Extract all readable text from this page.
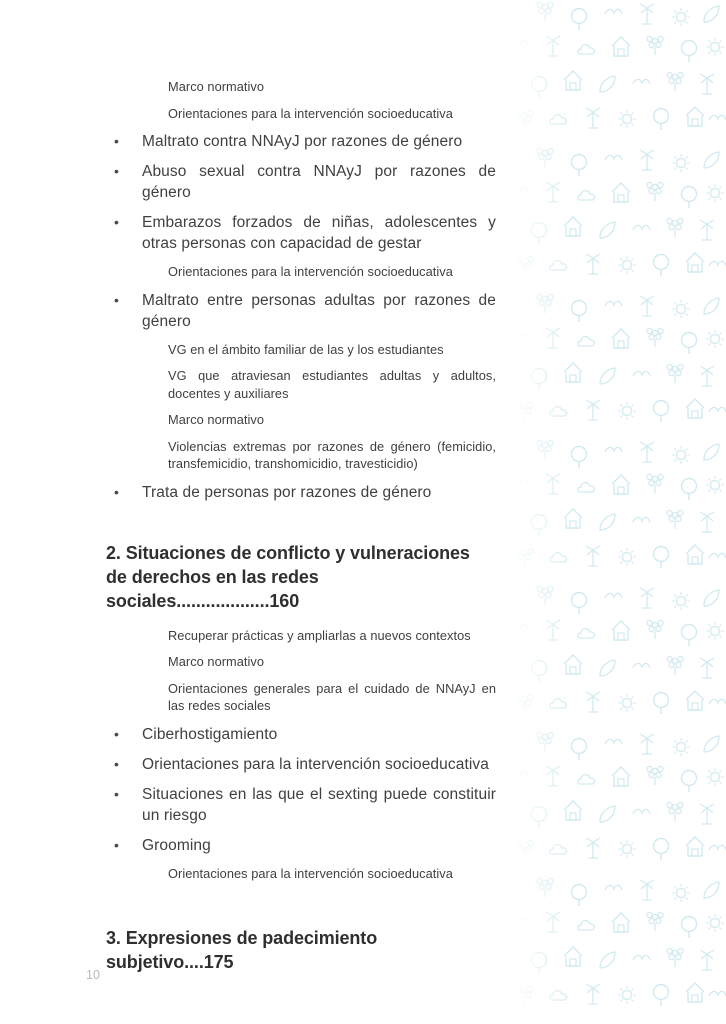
Marco normativo
Orientaciones para la intervención socioeducativa
•	Maltrato contra NNAyJ por razones de género
•	Abuso sexual contra NNAyJ por razones de género
•	Embarazos forzados de niñas, adolescentes y otras personas con capacidad de gestar
Orientaciones para la intervención socioeducativa
•	Maltrato entre personas adultas por razones de género
VG en el ámbito familiar de las y los estudiantes
VG que atraviesan estudiantes adultas y adultos, docentes y auxiliares
Marco normativo
Violencias extremas por razones de género (femicidio, transfemicidio, transhomicidio, travesticidio)
•	Trata de personas por razones de género
2. Situaciones de conflicto y vulneraciones de derechos en las redes sociales...................160
Recuperar prácticas y ampliarlas a nuevos contextos
Marco normativo
Orientaciones generales para el cuidado de NNAyJ en las redes sociales
•	Ciberhostigamiento
•	Orientaciones para la intervención socioeducativa
•	Situaciones en las que el sexting puede constituir un riesgo
•	Grooming
Orientaciones para la intervención socioeducativa
3. Expresiones de padecimiento subjetivo....175
10
